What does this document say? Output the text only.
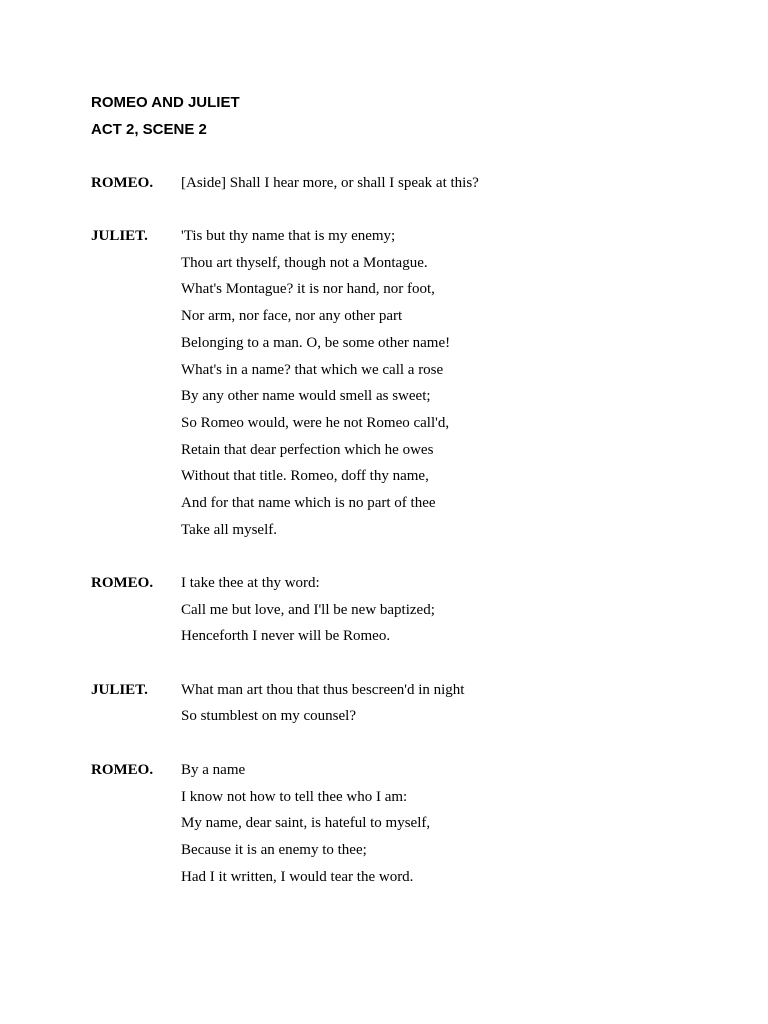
ROMEO AND JULIET
ACT 2, SCENE 2
ROMEO.	[Aside] Shall I hear more, or shall I speak at this?
JULIET.	'Tis but thy name that is my enemy;
Thou art thyself, though not a Montague.
What's Montague? it is nor hand, nor foot,
Nor arm, nor face, nor any other part
Belonging to a man. O, be some other name!
What's in a name? that which we call a rose
By any other name would smell as sweet;
So Romeo would, were he not Romeo call'd,
Retain that dear perfection which he owes
Without that title. Romeo, doff thy name,
And for that name which is no part of thee
Take all myself.
ROMEO.	I take thee at thy word:
Call me but love, and I'll be new baptized;
Henceforth I never will be Romeo.
JULIET.	What man art thou that thus bescreen'd in night
So stumblest on my counsel?
ROMEO.	By a name
I know not how to tell thee who I am:
My name, dear saint, is hateful to myself,
Because it is an enemy to thee;
Had I it written, I would tear the word.
